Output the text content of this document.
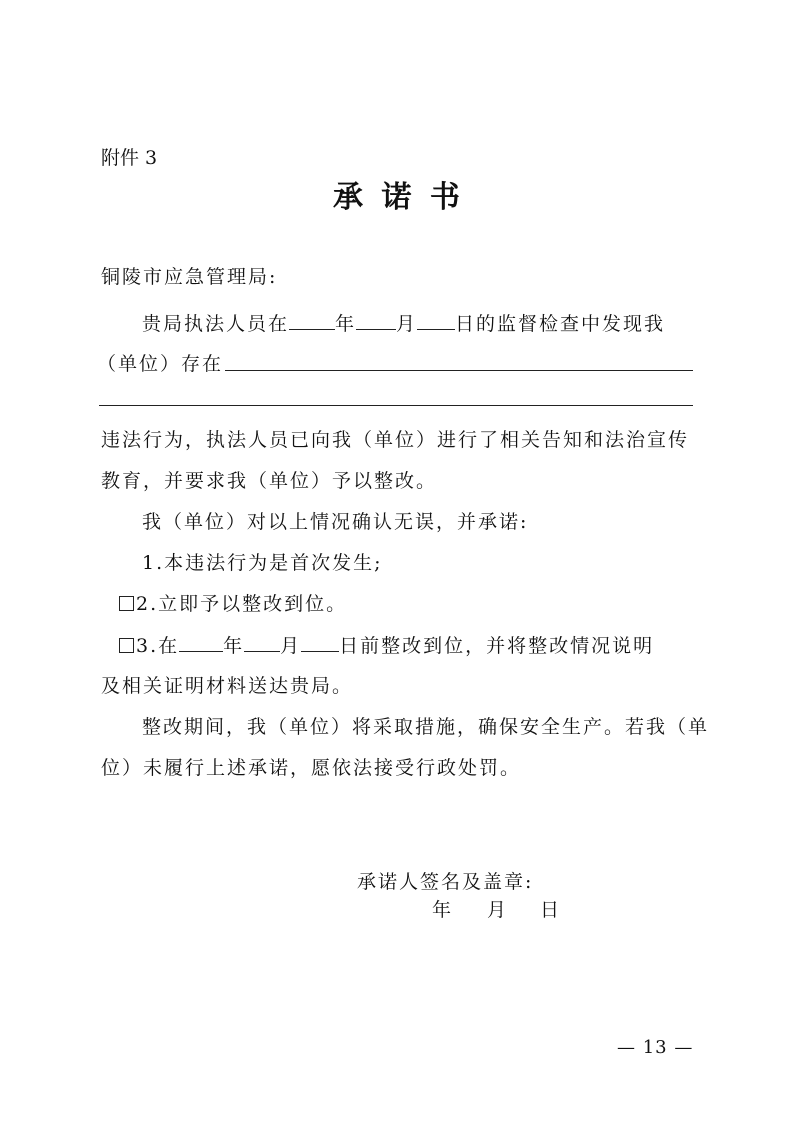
附件 3
承 诺 书
铜陵市应急管理局:
贵局执法人员在 年 月 日的监督检查中发现我
（单位）存在
违法行为，执法人员已向我（单位）进行了相关告知和法治宣传
教育，并要求我（单位）予以整改。
我（单位）对以上情况确认无误，并承诺:
1.本违法行为是首次发生;
2.立即予以整改到位。
3.在 年 月 日前整改到位，并将整改情况说明
及相关证明材料送达贵局。
整改期间，我（单位）将采取措施，确保安全生产。若我（单
位）未履行上述承诺，愿依法接受行政处罚。
承诺人签名及盖章:
年 月 日
— 13 —
